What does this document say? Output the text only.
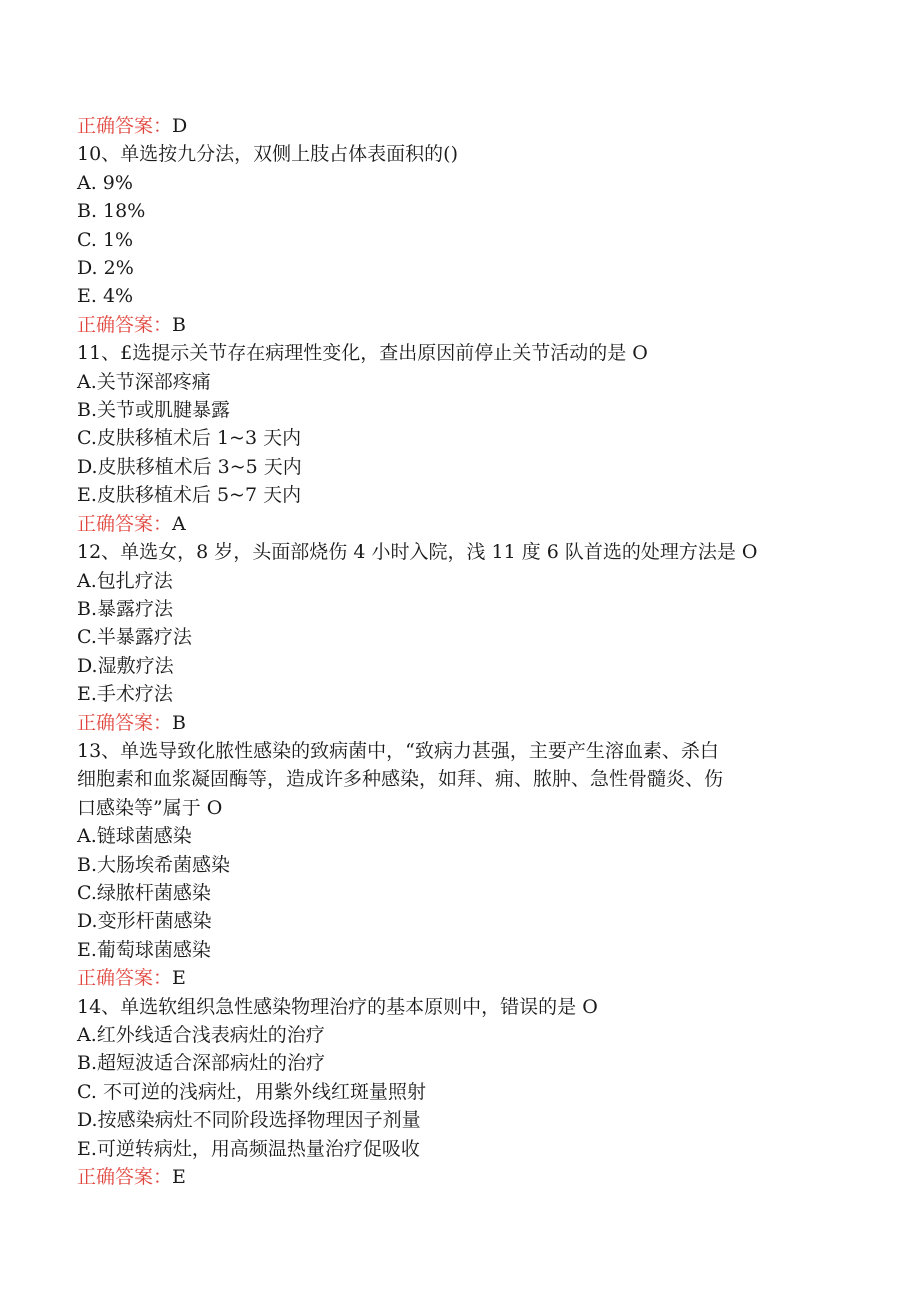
正确答案：D
10、单选按九分法，双侧上肢占体表面积的()
A. 9%
B. 18%
C. 1%
D. 2%
E. 4%
正确答案：B
11、£选提示关节存在病理性变化，查出原因前停止关节活动的是 O
A.关节深部疼痛
B.关节或肌腱暴露
C.皮肤移植术后 1~3 天内
D.皮肤移植术后 3~5 天内
E.皮肤移植术后 5~7 天内
正确答案：A
12、单选女，8 岁，头面部烧伤 4 小时入院，浅 11 度 6 队首选的处理方法是 O
A.包扎疗法
B.暴露疗法
C.半暴露疗法
D.湿敷疗法
E.手术疗法
正确答案：B
13、单选导致化脓性感染的致病菌中，“致病力甚强，主要产生溶血素、杀白
细胞素和血浆凝固酶等，造成许多种感染，如拜、痈、脓肿、急性骨髓炎、伤
口感染等”属于 O
A.链球菌感染
B.大肠埃希菌感染
C.绿脓杆菌感染
D.变形杆菌感染
E.葡萄球菌感染
正确答案：E
14、单选软组织急性感染物理治疗的基本原则中，错误的是 O
A.红外线适合浅表病灶的治疗
B.超短波适合深部病灶的治疗
C. 不可逆的浅病灶，用紫外线红斑量照射
D.按感染病灶不同阶段选择物理因子剂量
E.可逆转病灶，用高频温热量治疗促吸收
正确答案：E
